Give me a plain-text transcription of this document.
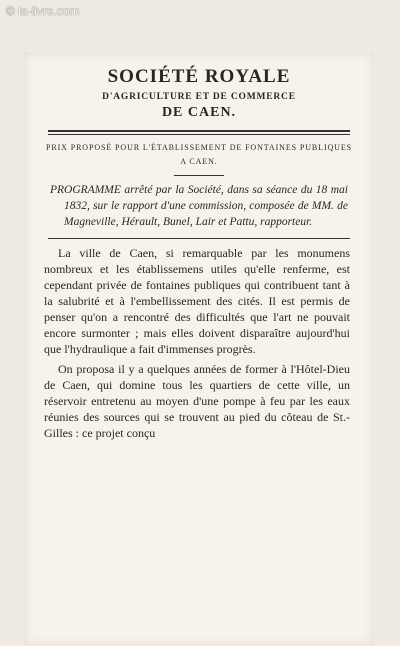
© la-livre.com
SOCIÉTÉ ROYALE
D'AGRICULTURE ET DE COMMERCE
DE CAEN.
PRIX PROPOSÉ POUR L'ÉTABLISSEMENT DE FONTAINES PUBLIQUES A CAEN.
PROGRAMME arrêté par la Société, dans sa séance du 18 mai 1832, sur le rapport d'une commission, composée de MM. de Magneville, Hérault, Bunel, Lair et Pattu, rapporteur.

La ville de Caen, si remarquable par les monumens nombreux et les établissemens utiles qu'elle renferme, est cependant privée de fontaines publiques qui contribuent tant à la salubrité et à l'embellissement des cités. Il est permis de penser qu'on a rencontré des difficultés que l'art ne pouvait encore surmonter ; mais elles doivent disparaître aujourd'hui que l'hydraulique a fait d'immenses progrès.

On proposa il y a quelques années de former à l'Hôtel-Dieu de Caen, qui domine tous les quartiers de cette ville, un réservoir entretenu au moyen d'une pompe à feu par les eaux réunies des sources qui se trouvent au pied du côteau de St.-Gilles : ce projet conçu
